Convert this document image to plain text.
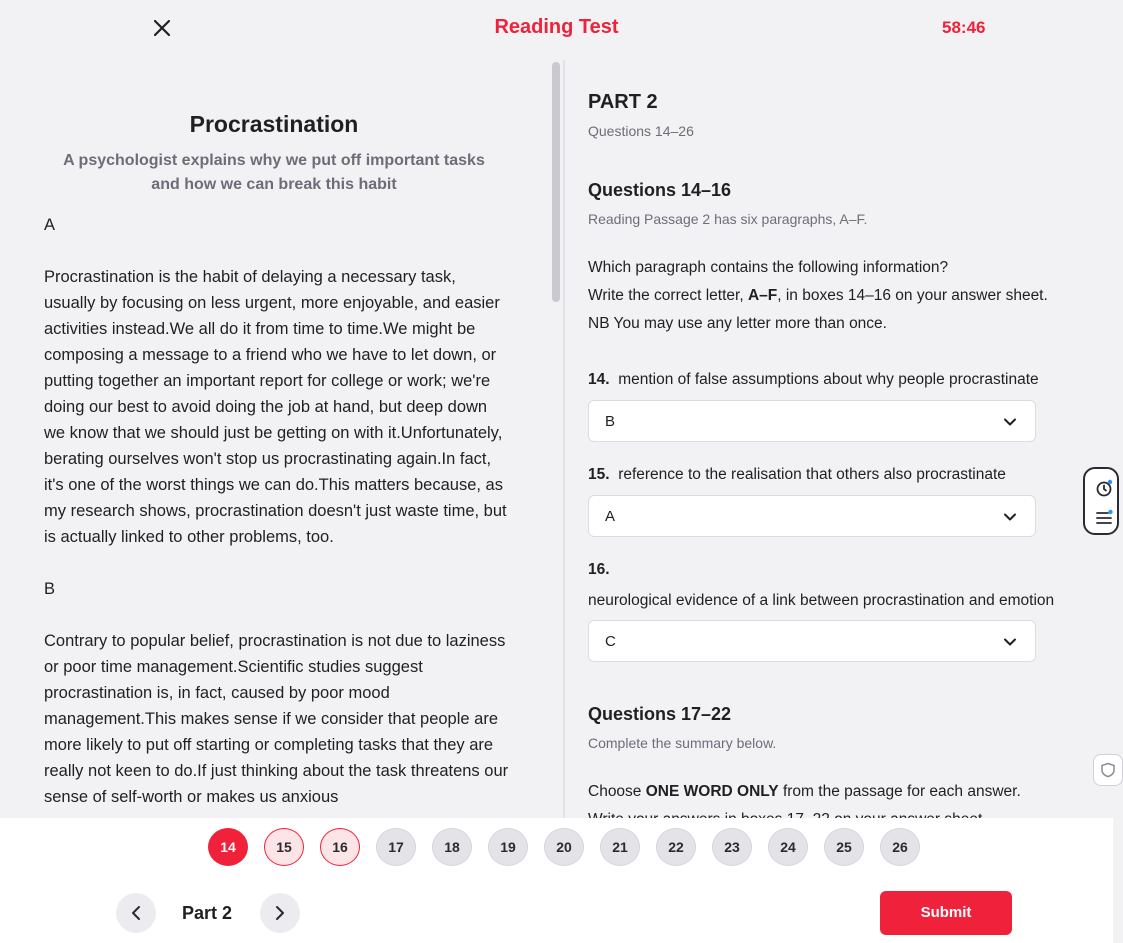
Reading Test	58:46
Procrastination
A psychologist explains why we put off important tasks and how we can break this habit

A

Procrastination is the habit of delaying a necessary task, usually by focusing on less urgent, more enjoyable, and easier activities instead.We all do it from time to time.We might be composing a message to a friend who we have to let down, or putting together an important report for college or work; we're doing our best to avoid doing the job at hand, but deep down we know that we should just be getting on with it.Unfortunately, berating ourselves won't stop us procrastinating again.In fact, it's one of the worst things we can do.This matters because, as my research shows, procrastination doesn't just waste time, but is actually linked to other problems, too.

B

Contrary to popular belief, procrastination is not due to laziness or poor time management.Scientific studies suggest procrastination is, in fact, caused by poor mood management.This makes sense if we consider that people are more likely to put off starting or completing tasks that they are really not keen to do.If just thinking about the task threatens our sense of self-worth or makes us anxious

PART 2
Questions 14–26
Questions 14–16
Reading Passage 2 has six paragraphs, A–F.
Which paragraph contains the following information?
Write the correct letter, A–F, in boxes 14–16 on your answer sheet.
NB You may use any letter more than once.
14. mention of false assumptions about why people procrastinate
B
15. reference to the realisation that others also procrastinate
A
16.
neurological evidence of a link between procrastination and emotion
C
Questions 17–22
Complete the summary below.
Choose ONE WORD ONLY from the passage for each answer.
14	15	16	17	18	19	20	21	22	23	24	25	26
Part 2	Submit
